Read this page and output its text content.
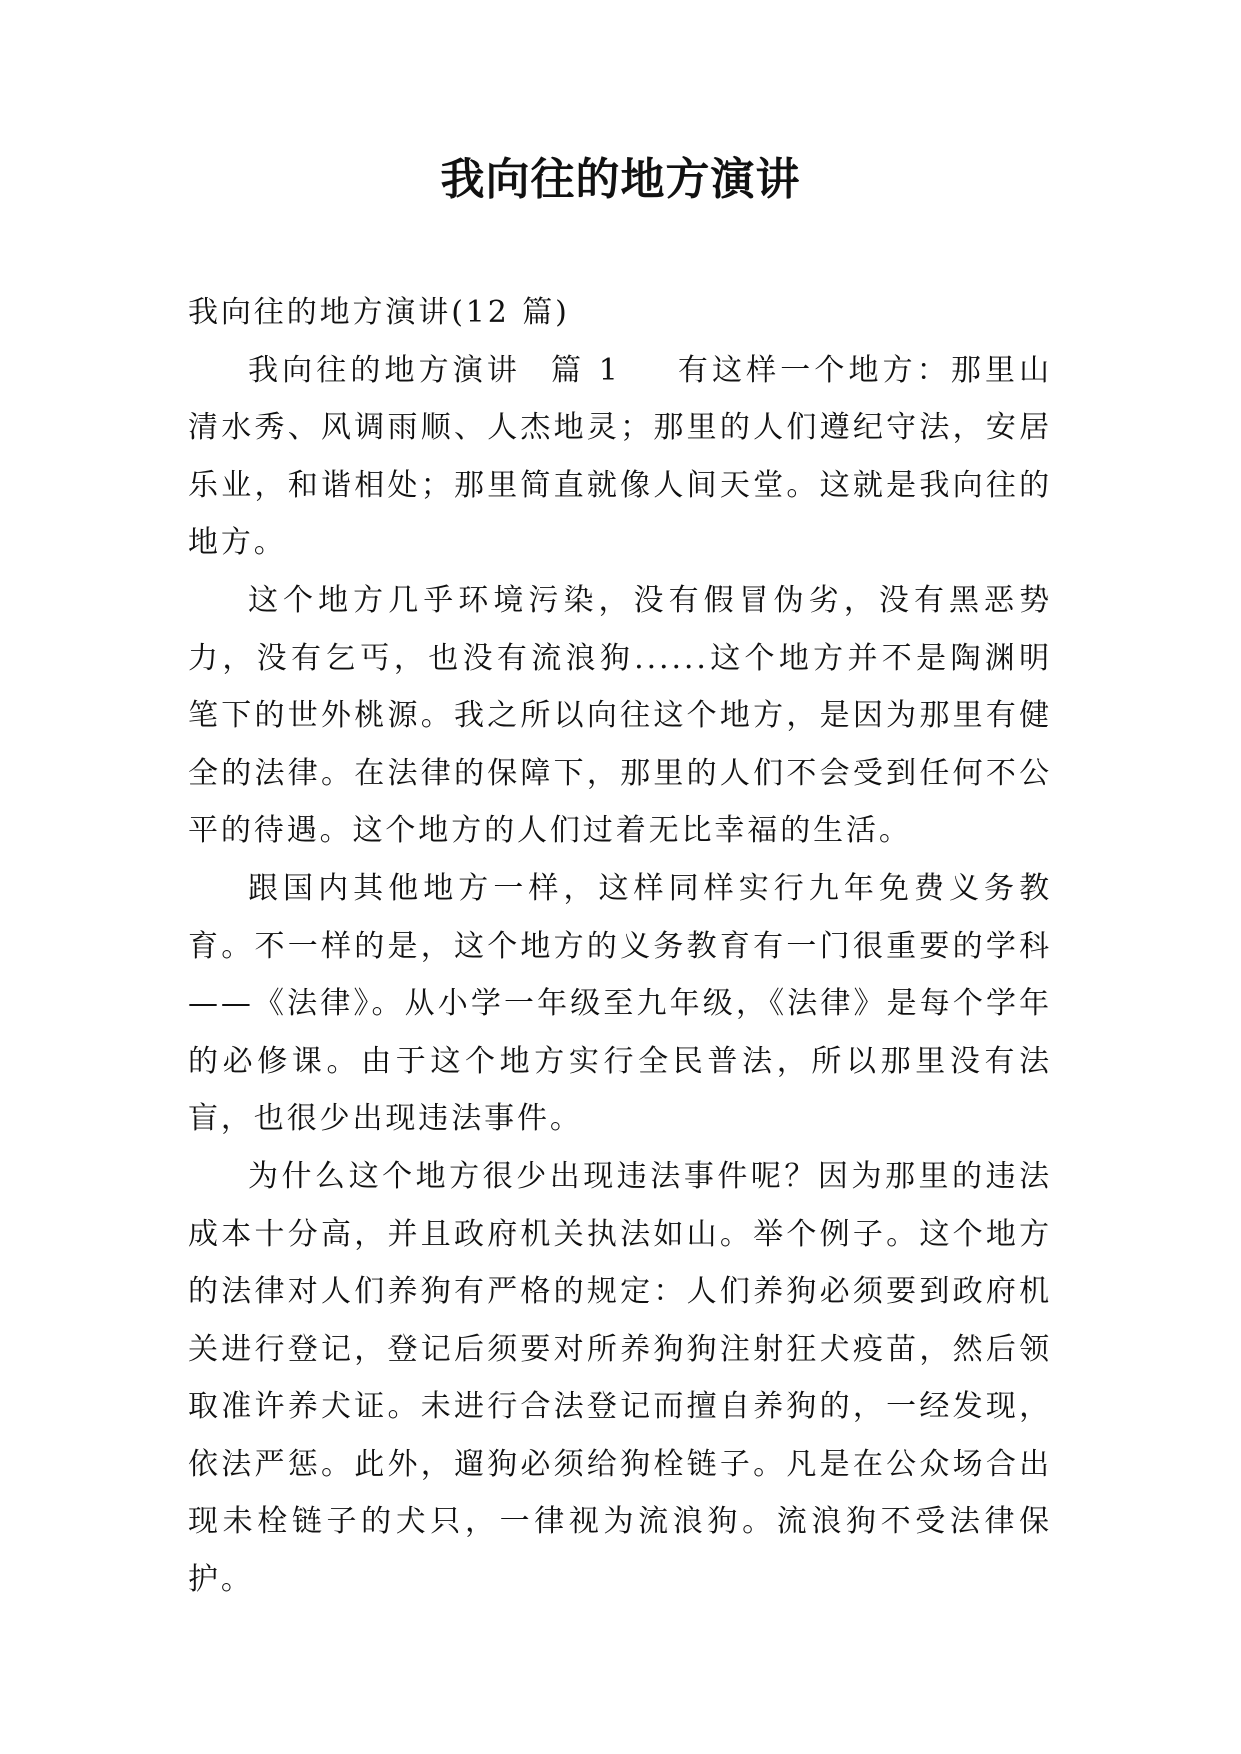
我向往的地方演讲

我向往的地方演讲(12 篇)

我向往的地方演讲 篇 1 有这样一个地方：那里山清水秀、风调雨顺、人杰地灵；那里的人们遵纪守法，安居乐业，和谐相处；那里简直就像人间天堂。这就是我向往的地方。

这个地方几乎环境污染，没有假冒伪劣，没有黑恶势力，没有乞丐，也没有流浪狗......这个地方并不是陶渊明笔下的世外桃源。我之所以向往这个地方，是因为那里有健全的法律。在法律的保障下，那里的人们不会受到任何不公平的待遇。这个地方的人们过着无比幸福的生活。

跟国内其他地方一样，这样同样实行九年免费义务教育。不一样的是，这个地方的义务教育有一门很重要的学科——《法律》。从小学一年级至九年级，《法律》是每个学年的必修课。由于这个地方实行全民普法，所以那里没有法盲，也很少出现违法事件。

为什么这个地方很少出现违法事件呢？因为那里的违法成本十分高，并且政府机关执法如山。举个例子。这个地方的法律对人们养狗有严格的规定：人们养狗必须要到政府机关进行登记，登记后须要对所养狗狗注射狂犬疫苗，然后领取准许养犬证。未进行合法登记而擅自养狗的，一经发现，依法严惩。此外，遛狗必须给狗栓链子。凡是在公众场合出现未栓链子的犬只，一律视为流浪狗。流浪狗不受法律保护。
